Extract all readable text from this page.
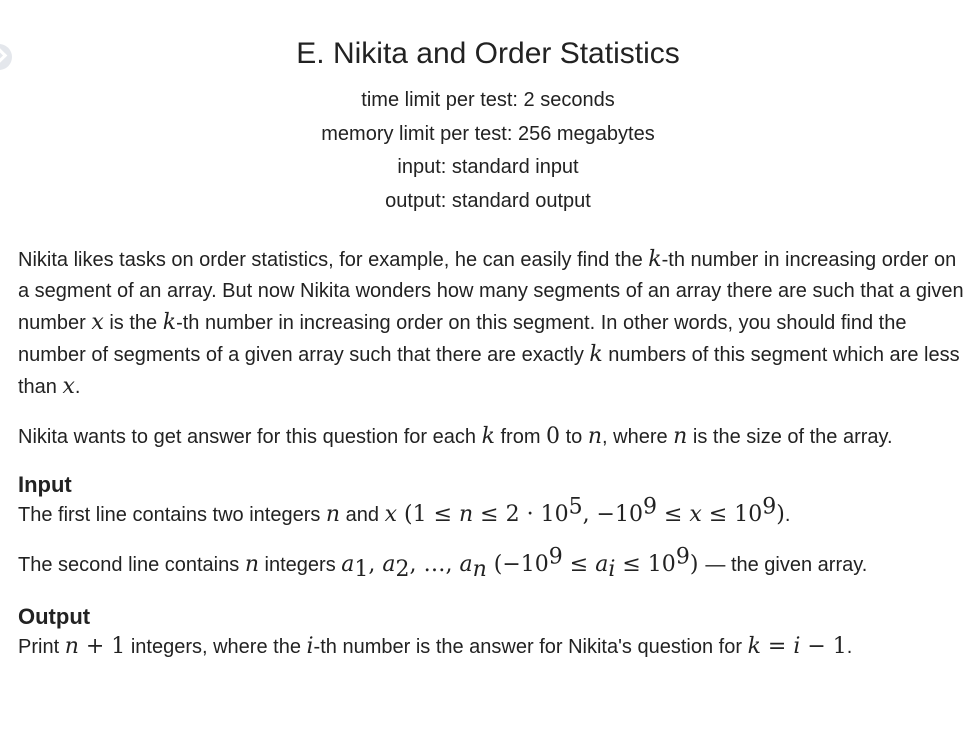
E. Nikita and Order Statistics
time limit per test: 2 seconds
memory limit per test: 256 megabytes
input: standard input
output: standard output

Nikita likes tasks on order statistics, for example, he can easily find the k-th number in increasing order on a segment of an array. But now Nikita wonders how many segments of an array there are such that a given number x is the k-th number in increasing order on this segment. In other words, you should find the number of segments of a given array such that there are exactly k numbers of this segment which are less than x.

Nikita wants to get answer for this question for each k from 0 to n, where n is the size of the array.

Input

The first line contains two integers n and x ($1 \le n \le 2 \cdot 10^5$, $-10^9 \le x \le 10^9$).

The second line contains n integers $a_1$, $a_2$, …, $a_n$ $(-10^9 \le a_i \le 10^9)$ — the given array.

Output

Print n + 1 integers, where the i-th number is the answer for Nikita's question for k = i − 1.
